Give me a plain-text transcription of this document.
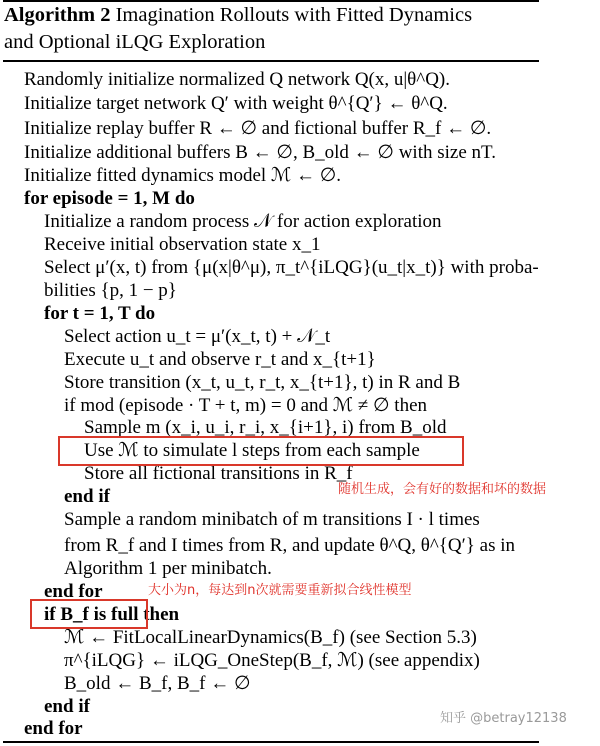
Algorithm 2 Imagination Rollouts with Fitted Dynamics
and Optional iLQG Exploration
Randomly initialize normalized Q network Q(x, u|θ^Q).
Initialize target network Q′ with weight θ^{Q′} ← θ^Q.
Initialize replay buffer R ← ∅ and fictional buffer R_f ← ∅.
Initialize additional buffers B ← ∅, B_old ← ∅ with size nT.
Initialize fitted dynamics model ℳ ← ∅.
for episode = 1, M do
Initialize a random process 𝒩 for action exploration
Receive initial observation state x_1
Select μ′(x, t) from {μ(x|θ^μ), π_t^{iLQG}(u_t|x_t)} with proba-
bilities {p, 1 − p}
for t = 1, T do
Select action u_t = μ′(x_t, t) + 𝒩_t
Execute u_t and observe r_t and x_{t+1}
Store transition (x_t, u_t, r_t, x_{t+1}, t) in R and B
if mod (episode · T + t, m) = 0 and ℳ ≠ ∅ then
Sample m (x_i, u_i, r_i, x_{i+1}, i) from B_old
Use ℳ to simulate l steps from each sample
Store all fictional transitions in R_f
end if
Sample a random minibatch of m transitions I · l times
from R_f and I times from R, and update θ^Q, θ^{Q′} as in
Algorithm 1 per minibatch.
end for
if B_f is full then
ℳ ← FitLocalLinearDynamics(B_f) (see Section 5.3)
π^{iLQG} ← iLQG_OneStep(B_f, ℳ) (see appendix)
B_old ← B_f, B_f ← ∅
end if
end for
随机生成，会有好的数据和坏的数据
大小为n，每达到n次就需要重新拟合线性模型
知乎 @betray12138
